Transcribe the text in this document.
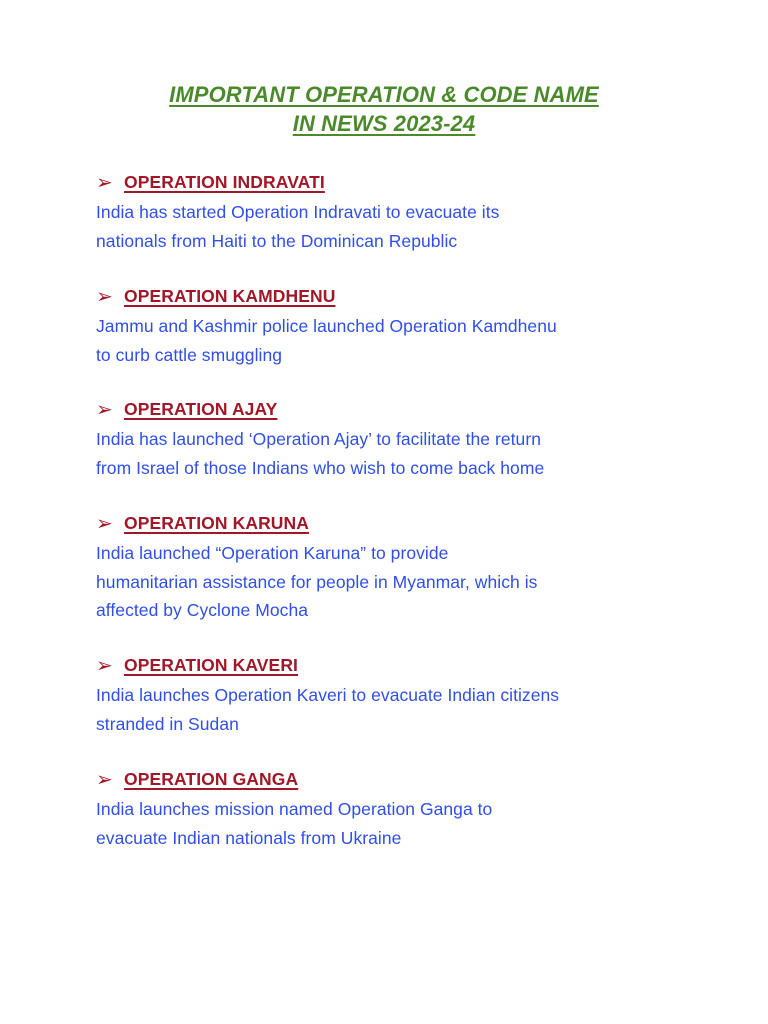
IMPORTANT OPERATION & CODE NAME
IN NEWS 2023-24
➢ OPERATION INDRAVATI
India has started Operation Indravati to evacuate its
nationals from Haiti to the Dominican Republic
➢ OPERATION KAMDHENU
Jammu and Kashmir police launched Operation Kamdhenu
to curb cattle smuggling
➢ OPERATION AJAY
India has launched ‘Operation Ajay’ to facilitate the return
from Israel of those Indians who wish to come back home
➢ OPERATION KARUNA
India launched “Operation Karuna” to provide
humanitarian assistance for people in Myanmar, which is
affected by Cyclone Mocha
➢ OPERATION KAVERI
India launches Operation Kaveri to evacuate Indian citizens
stranded in Sudan
➢ OPERATION GANGA
India launches mission named Operation Ganga to
evacuate Indian nationals from Ukraine
